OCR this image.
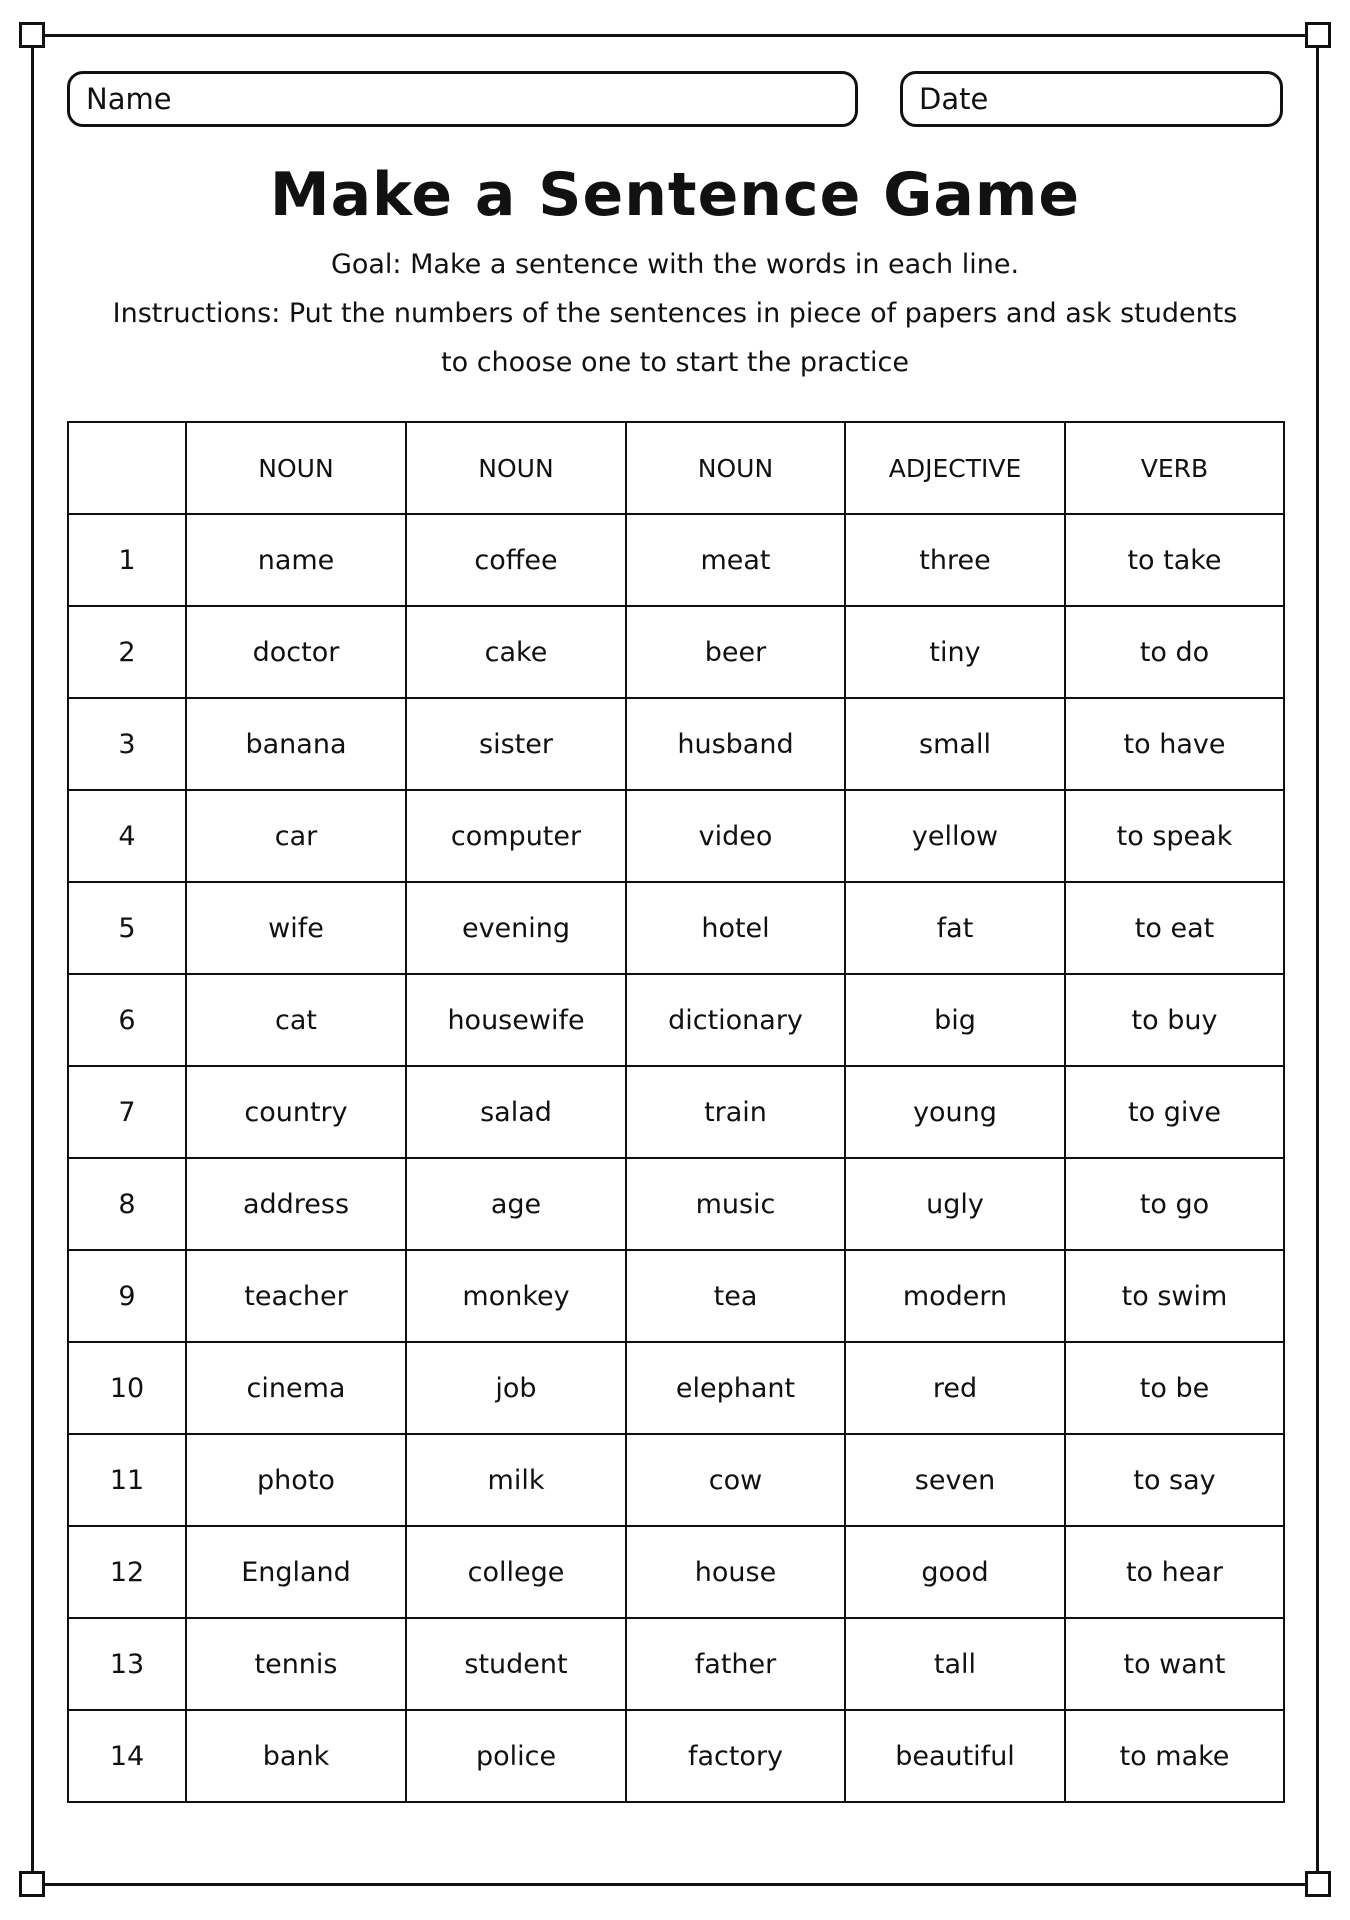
Name	Date
Make a Sentence Game
Goal: Make a sentence with the words in each line.
Instructions: Put the numbers of the sentences in piece of papers and ask students
to choose one to start the practice
	NOUN	NOUN	NOUN	ADJECTIVE	VERB
1	name	coffee	meat	three	to take
2	doctor	cake	beer	tiny	to do
3	banana	sister	husband	small	to have
4	car	computer	video	yellow	to speak
5	wife	evening	hotel	fat	to eat
6	cat	housewife	dictionary	big	to buy
7	country	salad	train	young	to give
8	address	age	music	ugly	to go
9	teacher	monkey	tea	modern	to swim
10	cinema	job	elephant	red	to be
11	photo	milk	cow	seven	to say
12	England	college	house	good	to hear
13	tennis	student	father	tall	to want
14	bank	police	factory	beautiful	to make
